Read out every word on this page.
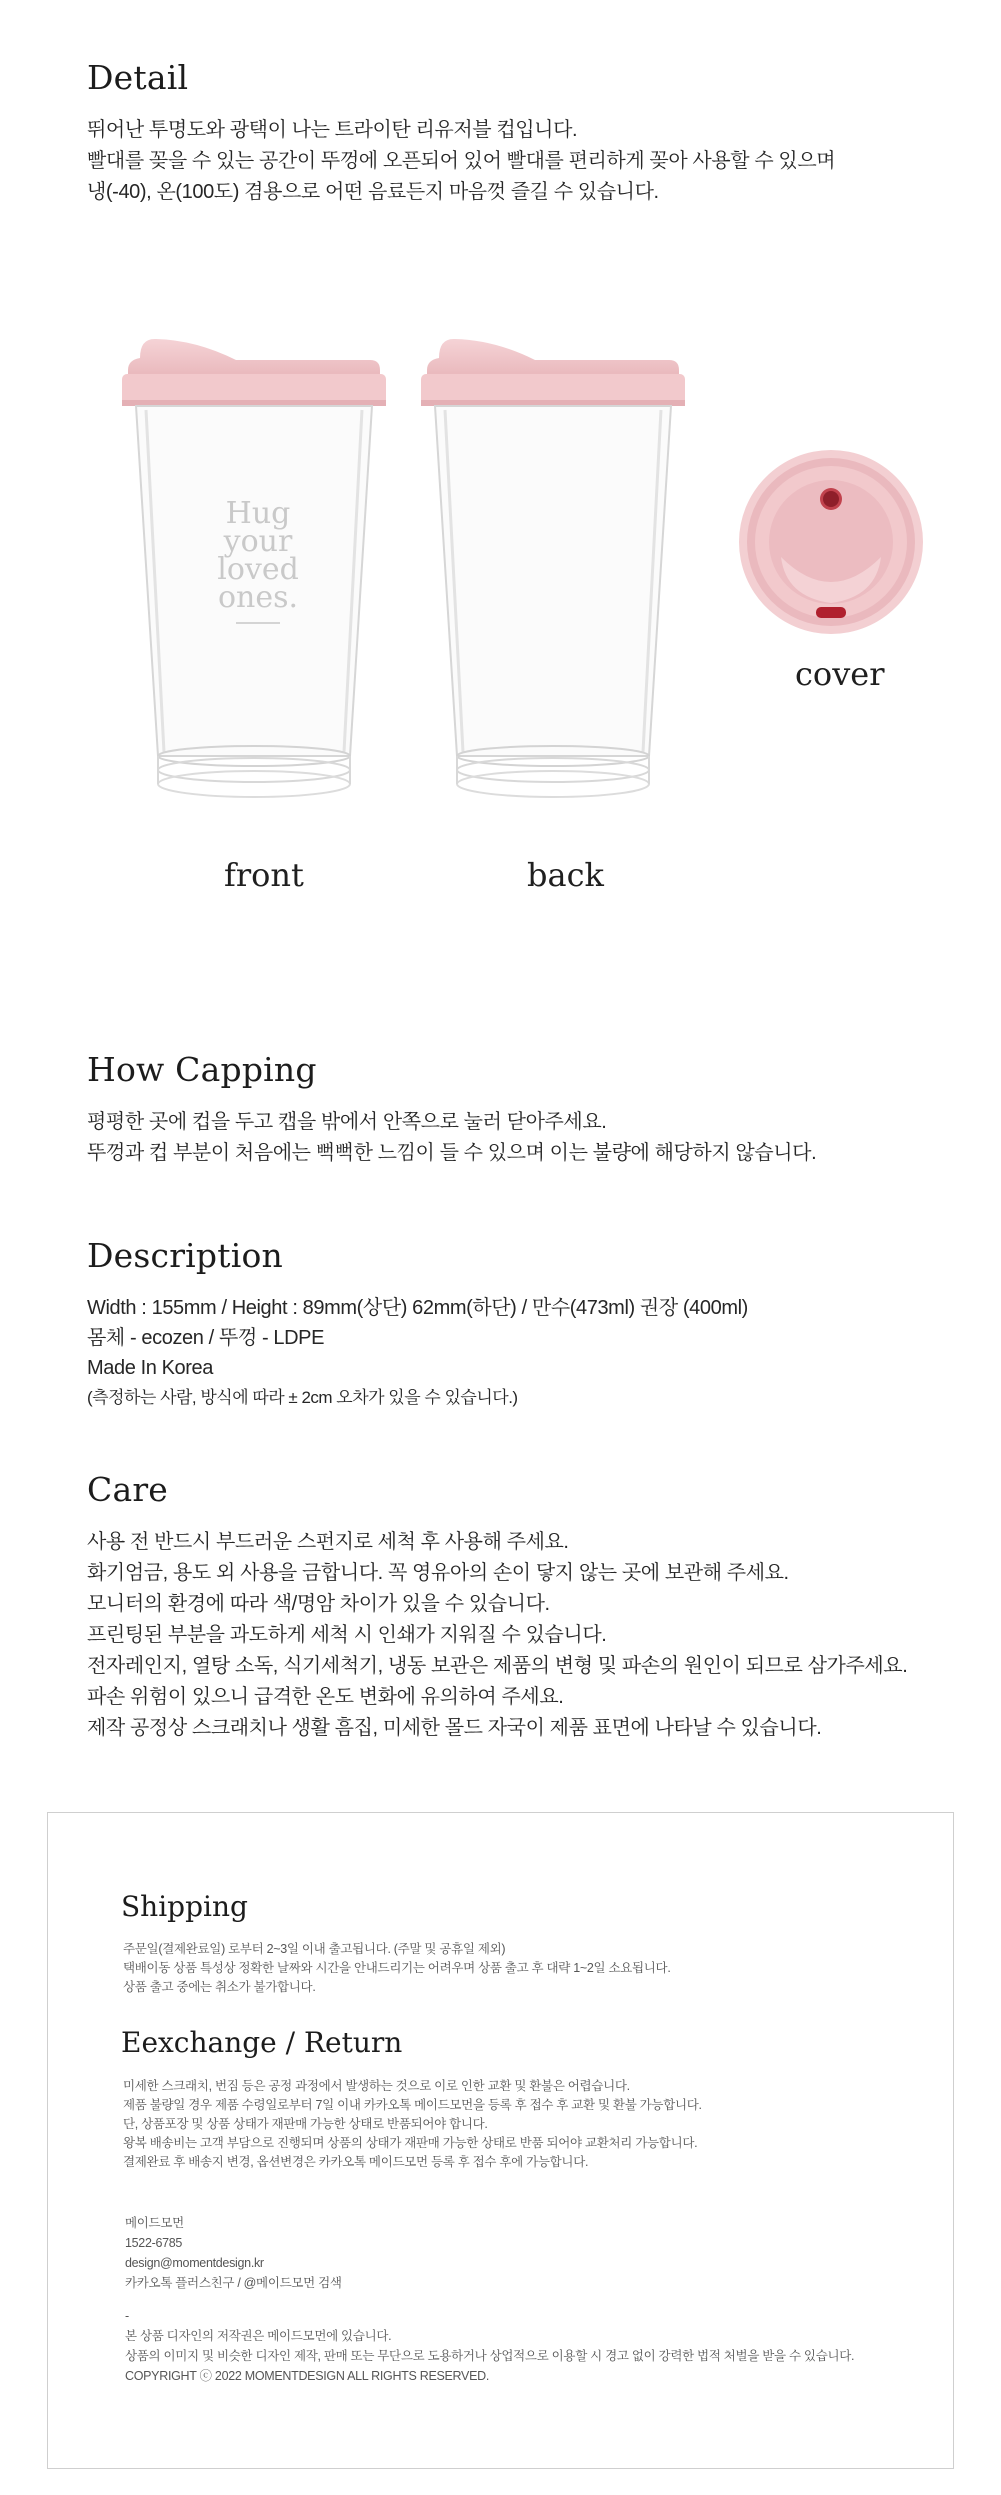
Detail

뛰어난 투명도와 광택이 나는 트라이탄 리유저블 컵입니다.

빨대를 꽂을 수 있는 공간이 뚜껑에 오픈되어 있어 빨대를 편리하게 꽂아 사용할 수 있으며

냉(-40), 온(100도) 겸용으로 어떤 음료든지 마음껏 즐길 수 있습니다.

Hug
your
loved
ones.
front	back
cover
How Capping

평평한 곳에 컵을 두고 캡을 밖에서 안쪽으로 눌러 닫아주세요.

뚜껑과 컵 부분이 처음에는 뻑뻑한 느낌이 들 수 있으며 이는 불량에 해당하지 않습니다.

Description

Width : 155mm / Height : 89mm(상단) 62mm(하단) / 만수(473ml) 권장 (400ml)

몸체 - ecozen / 뚜껑 - LDPE

Made In Korea

(측정하는 사람, 방식에 따라 ± 2cm 오차가 있을 수 있습니다.)

Care

사용 전 반드시 부드러운 스펀지로 세척 후 사용해 주세요.

화기엄금, 용도 외 사용을 금합니다. 꼭 영유아의 손이 닿지 않는 곳에 보관해 주세요.

모니터의 환경에 따라 색/명암 차이가 있을 수 있습니다.

프린팅된 부분을 과도하게 세척 시 인쇄가 지워질 수 있습니다.

전자레인지, 열탕 소독, 식기세척기, 냉동 보관은 제품의 변형 및 파손의 원인이 되므로 삼가주세요.

파손 위험이 있으니 급격한 온도 변화에 유의하여 주세요.

제작 공정상 스크래치나 생활 흠집, 미세한 몰드 자국이 제품 표면에 나타날 수 있습니다.

Shipping

주문일(결제완료일) 로부터 2~3일 이내 출고됩니다. (주말 및 공휴일 제외)

택배이동 상품 특성상 정확한 날짜와 시간을 안내드리기는 어려우며 상품 출고 후 대략 1~2일 소요됩니다.

상품 출고 중에는 취소가 불가합니다.

Eexchange / Return

미세한 스크래치, 번짐 등은 공정 과정에서 발생하는 것으로 이로 인한 교환 및 환불은 어렵습니다.

제품 불량일 경우 제품 수령일로부터 7일 이내 카카오톡 메이드모먼을 등록 후 접수 후 교환 및 환불 가능합니다.

단, 상품포장 및 상품 상태가 재판매 가능한 상태로 반품되어야 합니다.

왕복 배송비는 고객 부담으로 진행되며 상품의 상태가 재판매 가능한 상태로 반품 되어야 교환처리 가능합니다.

결제완료 후 배송지 변경, 옵션변경은 카카오톡 메이드모먼 등록 후 접수 후에 가능합니다.

메이드모먼

1522-6785

design@momentdesign.kr

카카오톡 플러스친구 / @메이드모먼 검색

-

본 상품 디자인의 저작권은 메이드모먼에 있습니다.

상품의 이미지 및 비슷한 디자인 제작, 판매 또는 무단으로 도용하거나 상업적으로 이용할 시 경고 없이 강력한 법적 처벌을 받을 수 있습니다.

COPYRIGHT ⓒ 2022 MOMENTDESIGN ALL RIGHTS RESERVED.
